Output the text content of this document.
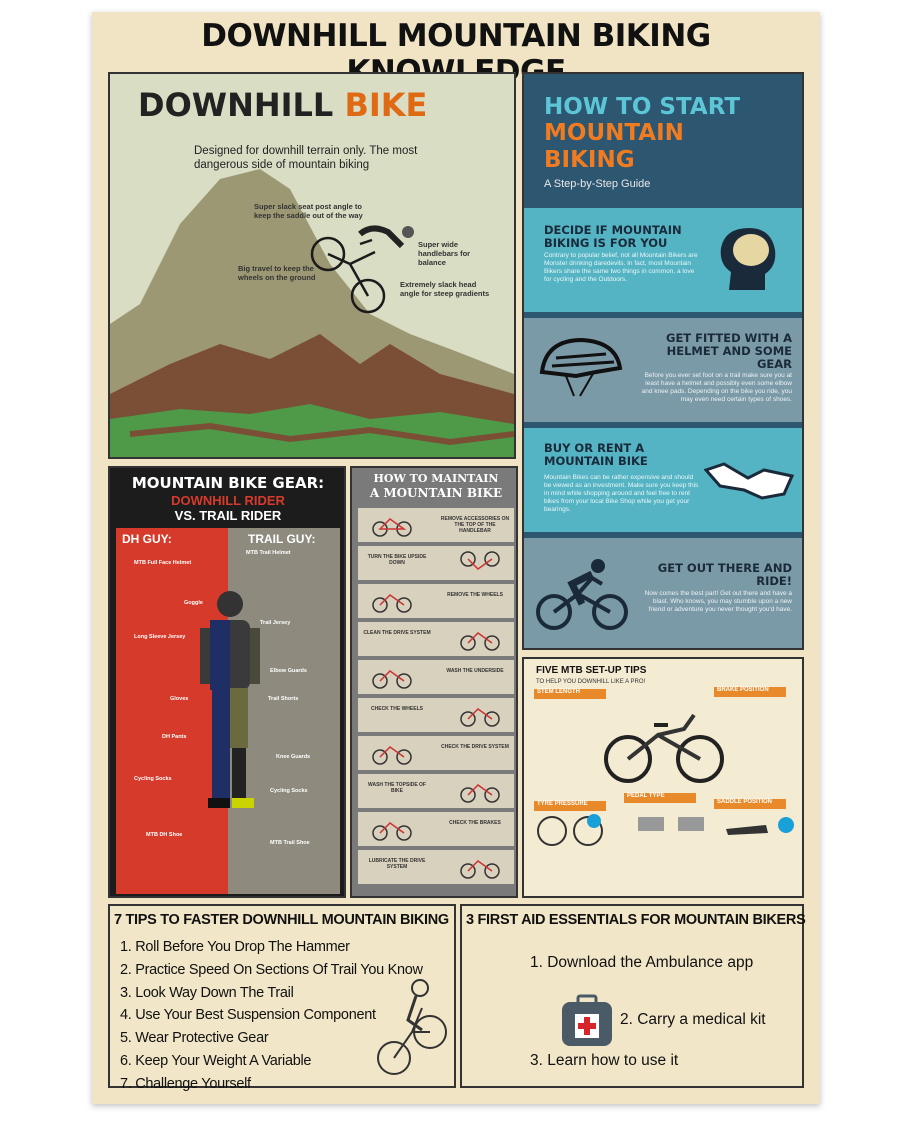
DOWNHILL MOUNTAIN BIKING
DOWNHILL BIKE
Designed for downhill terrain only. The most dangerous side of mountain biking
Super slack seat post angle to keep the saddle out of the way
Super wide handlebars for balance
Big travel to keep the wheels on the ground
Extremely slack head angle for steep gradients
HOW TO START
MOUNTAIN
BIKING
A Step-by-Step Guide
DECIDE IF MOUNTAIN BIKING IS FOR YOU

Contrary to popular belief, not all Mountain Bikers are Monster drinking daredevils. In fact, most Mountain Bikers share the same two things in common, a love for cycling and the Outdoors.

GET FITTED WITH A HELMET AND SOME GEAR

Before you ever set foot on a trail make sure you at least have a helmet and possibly even some elbow and knee pads. Depending on the bike you ride, you may even need certain types of shoes.

BUY OR RENT A MOUNTAIN BIKE

Mountain Bikes can be rather expensive and should be viewed as an investment. Make sure you keep this in mind while shopping around and feel free to rent bikes from your local Bike Shop while you get your bearings.

GET OUT THERE AND RIDE!

Now comes the best part! Get out there and have a blast. Who knows, you may stumble upon a new friend or adventure you never thought you'd have.

MOUNTAIN BIKE GEAR:
DOWNHILL RIDER
VS. TRAIL RIDER
DH GUY:	TRAIL GUY:
MTB Full Face Helmet
Goggle
Long Sleeve Jersey
Gloves
DH Pants
Cycling Socks
MTB DH Shoe
MTB Trail Helmet
Trail Jersey
Elbow Guards
Trail Shorts
Knee Guards
Cycling Socks
MTB Trail Shoe
HOW TO MAINTAIN
A MOUNTAIN BIKE
REMOVE ACCESSORIES ON THE TOP OF THE HANDLEBAR
TURN THE BIKE UPSIDE DOWN
REMOVE THE WHEELS
CLEAN THE DRIVE SYSTEM
WASH THE UNDERSIDE
CHECK THE WHEELS
CHECK THE DRIVE SYSTEM
WASH THE TOPSIDE OF BIKE
CHECK THE BRAKES
LUBRICATE THE DRIVE SYSTEM
FIVE MTB SET-UP TIPS
TO HELP YOU DOWNHILL LIKE A PRO!
STEM LENGTH	BRAKE POSITION
TYRE PRESSURE
PEDAL TYPE
SADDLE POSITION
7 TIPS TO FASTER DOWNHILL MOUNTAIN BIKING
1. Roll Before You Drop The Hammer
2. Practice Speed On Sections Of Trail You Know
3. Look Way Down The Trail
4. Use Your Best Suspension Component
5. Wear Protective Gear
6. Keep Your Weight A Variable
7. Challenge Yourself
3 FIRST AID ESSENTIALS FOR MOUNTAIN BIKERS
1. Download the Ambulance app
2. Carry a medical kit
3. Learn how to use it
